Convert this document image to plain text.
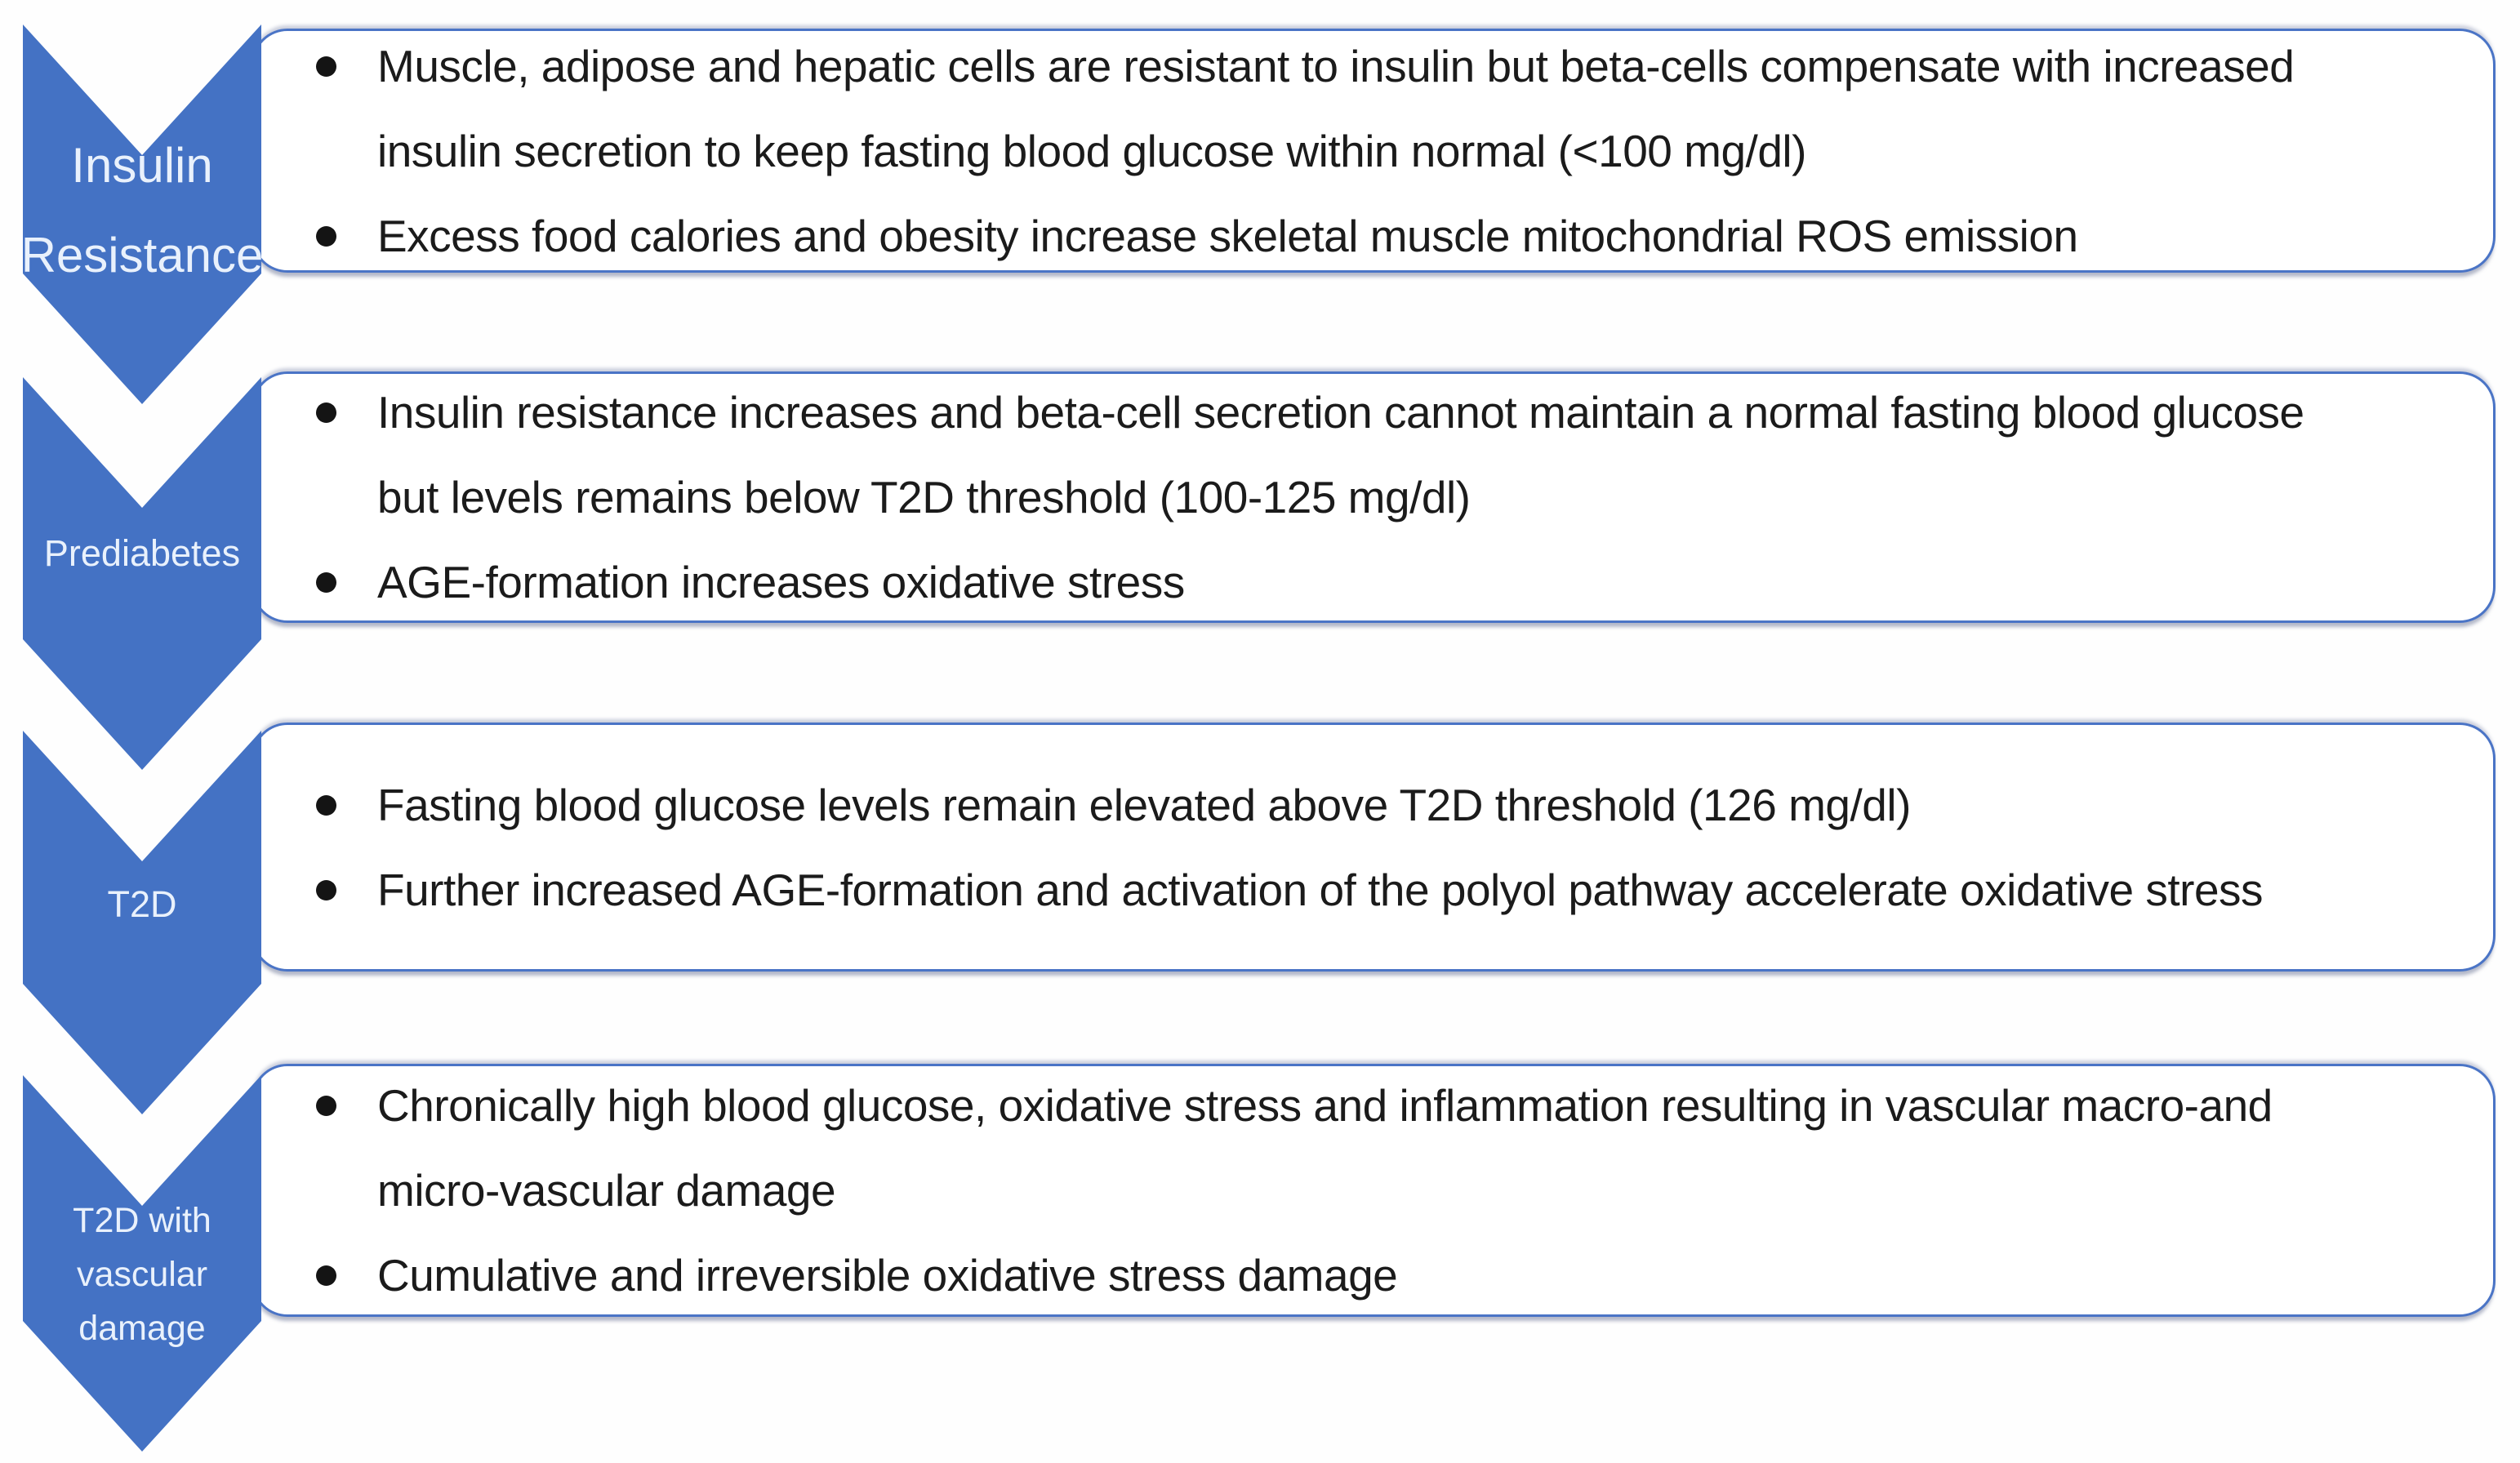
Muscle, adipose and hepatic cells are resistant to insulin but beta-cells compensate with increased insulin secretion to keep fasting blood glucose within normal (<100 mg/dl)
Excess food calories and obesity increase skeletal muscle mitochondrial ROS emission
Insulin resistance increases and beta-cell secretion cannot maintain a normal fasting blood glucose but levels remains below T2D threshold (100-125 mg/dl)
AGE-formation increases oxidative stress
Fasting blood glucose levels remain elevated above T2D threshold (126 mg/dl)
Further increased AGE-formation and activation of the polyol pathway accelerate oxidative stress
Chronically high blood glucose, oxidative stress and inflammation resulting in vascular macro-and micro-vascular damage
Cumulative and irreversible oxidative stress damage
Insulin
Resistance
Prediabetes
T2D
T2D with
vascular damage
